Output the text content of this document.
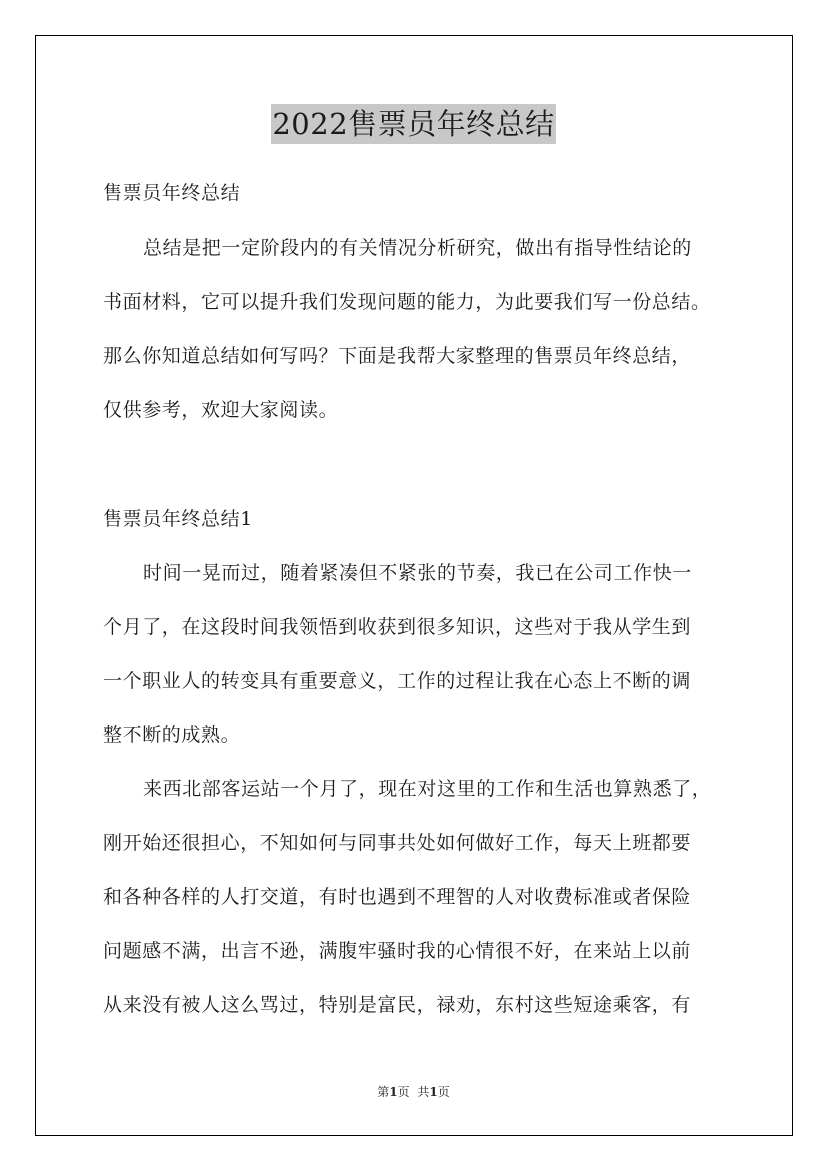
2022售票员年终总结
售票员年终总结
总结是把一定阶段内的有关情况分析研究，做出有指导性结论的
书面材料，它可以提升我们发现问题的能力，为此要我们写一份总结。
那么你知道总结如何写吗？下面是我帮大家整理的售票员年终总结，
仅供参考，欢迎大家阅读。
售票员年终总结1
时间一晃而过，随着紧凑但不紧张的节奏，我已在公司工作快一
个月了，在这段时间我领悟到收获到很多知识，这些对于我从学生到
一个职业人的转变具有重要意义，工作的过程让我在心态上不断的调
整不断的成熟。
来西北部客运站一个月了，现在对这里的工作和生活也算熟悉了，
刚开始还很担心，不知如何与同事共处如何做好工作，每天上班都要
和各种各样的人打交道，有时也遇到不理智的人对收费标准或者保险
问题感不满，出言不逊，满腹牢骚时我的心情很不好，在来站上以前
从来没有被人这么骂过，特别是富民，禄劝，东村这些短途乘客，有
第1页 共1页
